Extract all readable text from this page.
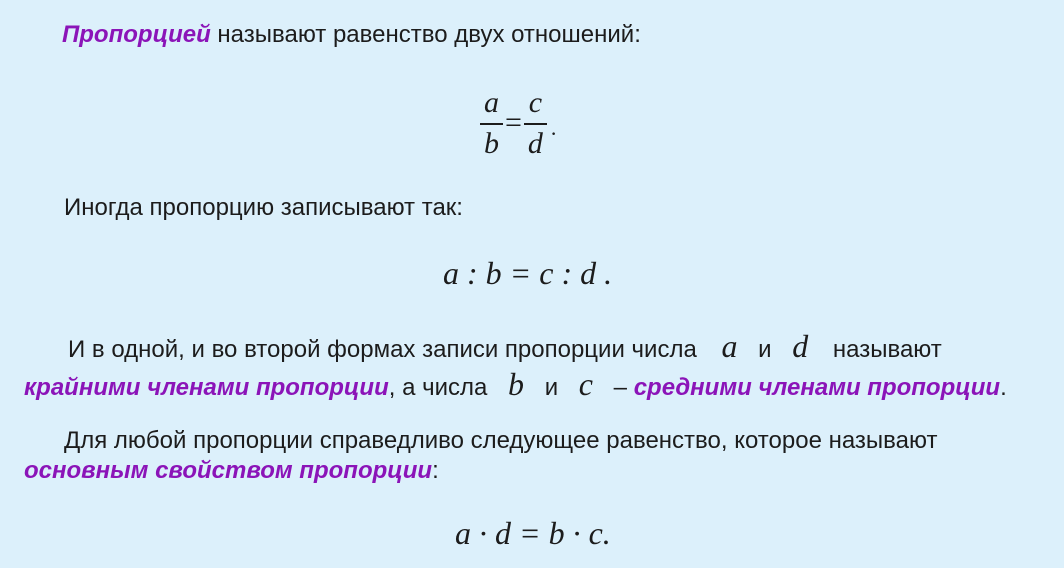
Пропорцией называют равенство двух отношений:
$\frac{a}{b} = \frac{c}{d}$ .
Иногда пропорцию записывают так:
a : b = c : d .
И в одной, и во второй формах записи пропорции числа a и d называют
крайними членами пропорции, а числа b и c – средними членами пропорции.
Для любой пропорции справедливо следующее равенство, которое называют
основным свойством пропорции:
a · d = b · c.
